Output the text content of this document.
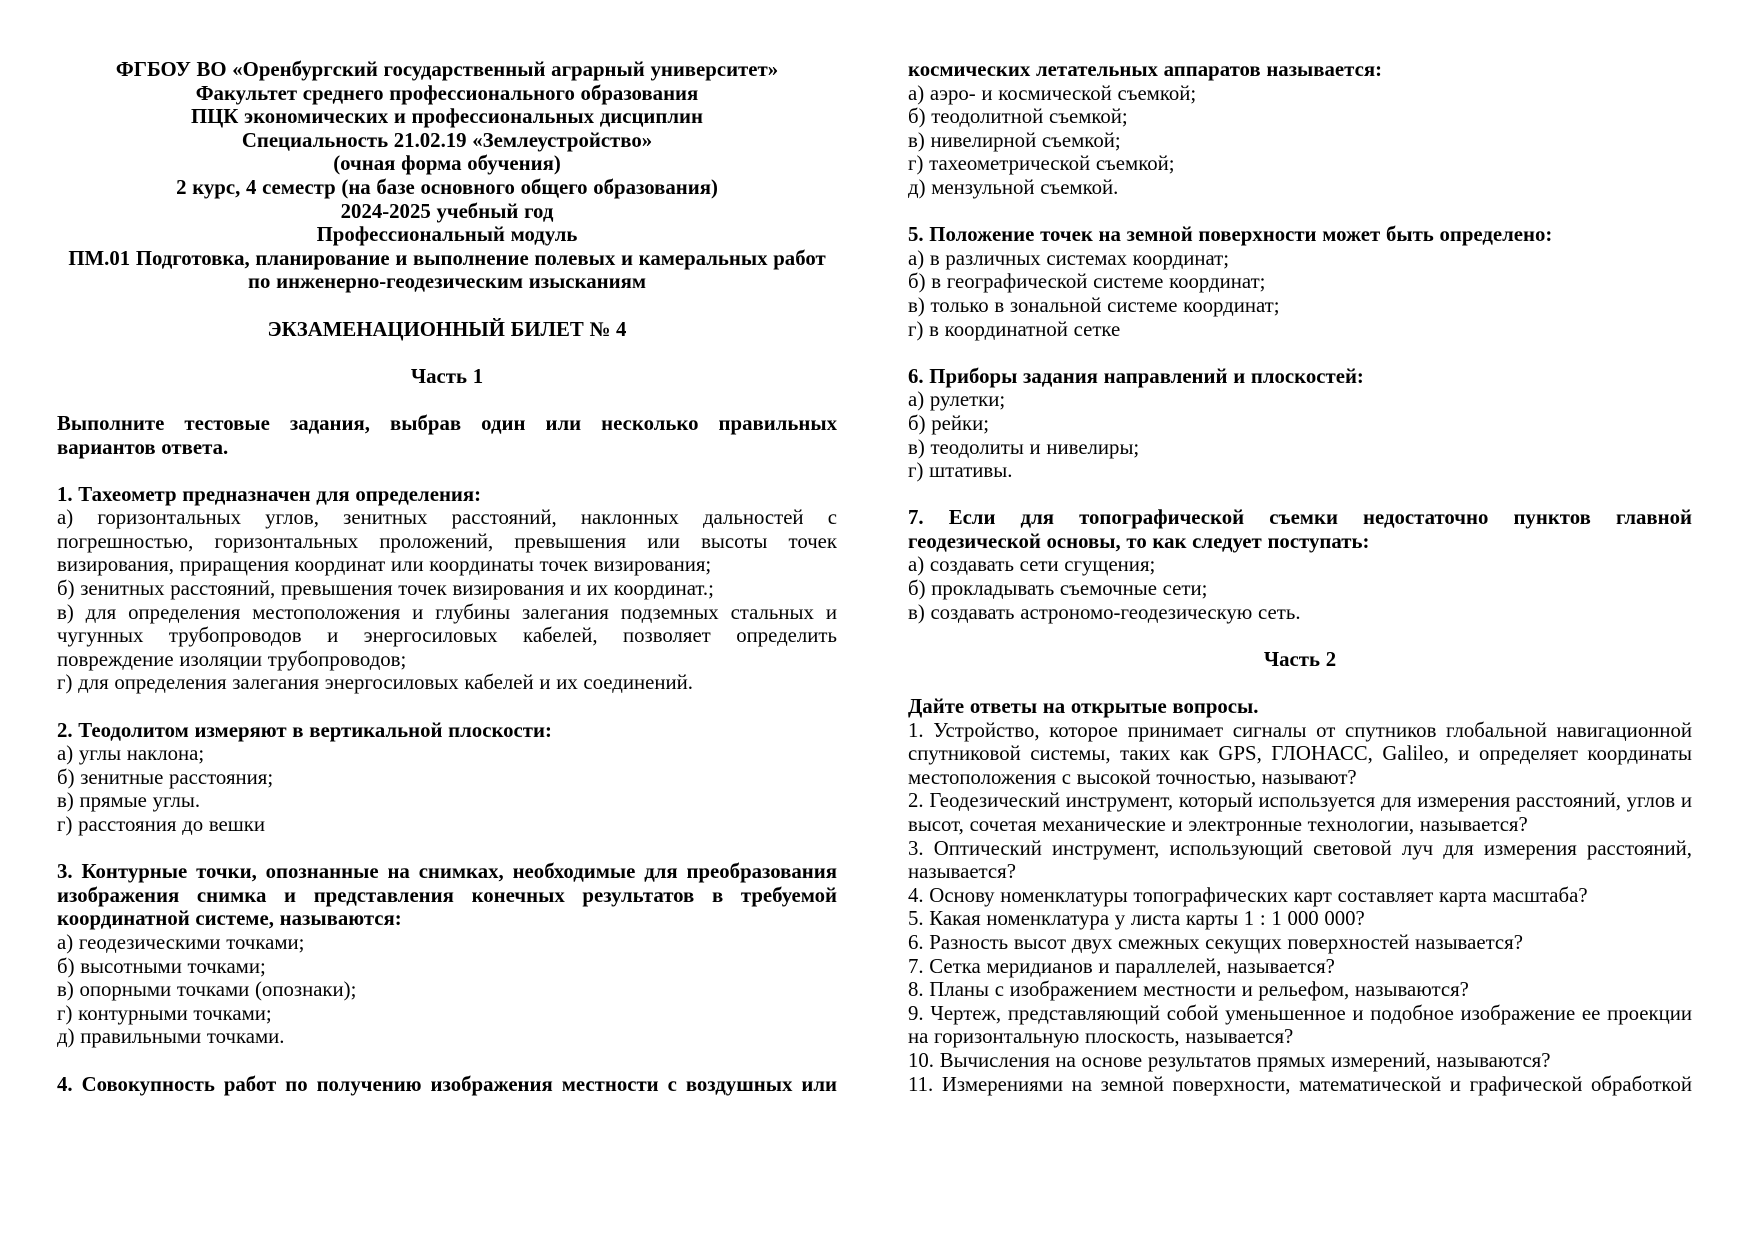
ФГБОУ ВО «Оренбургский государственный аграрный университет»

Факультет среднего профессионального образования

ПЦК экономических и профессиональных дисциплин

Специальность 21.02.19 «Землеустройство»

(очная форма обучения)

2 курс, 4 семестр (на базе основного общего образования)

2024-2025 учебный год

Профессиональный модуль

ПМ.01 Подготовка, планирование и выполнение полевых и камеральных работ по инженерно-геодезическим изысканиям

ЭКЗАМЕНАЦИОННЫЙ БИЛЕТ № 4

Часть 1

Выполните тестовые задания, выбрав один или несколько правильных вариантов ответа.

1. Тахеометр предназначен для определения:

а) горизонтальных углов, зенитных расстояний, наклонных дальностей с погрешностью, горизонтальных проложений, превышения или высоты точек визирования, приращения координат или координаты точек визирования;

б) зенитных расстояний, превышения точек визирования и их координат.;

в) для определения местоположения и глубины залегания подземных стальных и чугунных трубопроводов и энергосиловых кабелей, позволяет определить повреждение изоляции трубопроводов;

г) для определения залегания энергосиловых кабелей и их соединений.

2. Теодолитом измеряют в вертикальной плоскости:

а) углы наклона;

б) зенитные расстояния;

в) прямые углы.

г) расстояния до вешки

3. Контурные точки, опознанные на снимках, необходимые для преобразования изображения снимка и представления конечных результатов в требуемой координатной системе, называются:

а) геодезическими точками;

б) высотными точками;

в) опорными точками (опознаки);

г) контурными точками;

д) правильными точками.

4. Совокупность работ по получению изображения местности с воздушных или

космических летательных аппаратов называется:

а) аэро- и космической съемкой;

б) теодолитной съемкой;

в) нивелирной съемкой;

г) тахеометрической съемкой;

д) мензульной съемкой.

5. Положение точек на земной поверхности может быть определено:

а) в различных системах координат;

б) в географической системе координат;

в) только в зональной системе координат;

г) в координатной сетке

6. Приборы задания направлений и плоскостей:

а) рулетки;

б) рейки;

в) теодолиты и нивелиры;

г) штативы.

7. Если для топографической съемки недостаточно пунктов главной геодезической основы, то как следует поступать:

а) создавать сети сгущения;

б) прокладывать съемочные сети;

в) создавать астрономо-геодезическую сеть.

Часть 2

Дайте ответы на открытые вопросы.

1. Устройство, которое принимает сигналы от спутников глобальной навигационной спутниковой системы, таких как GPS, ГЛОНАСС, Galileo, и определяет координаты местоположения с высокой точностью, называют?

2. Геодезический инструмент, который используется для измерения расстояний, углов и высот, сочетая механические и электронные технологии, называется?

3. Оптический инструмент, использующий световой луч для измерения расстояний, называется?

4. Основу номенклатуры топографических карт составляет карта масштаба?

5. Какая номенклатура у листа карты 1 : 1 000 000?

6. Разность высот двух смежных секущих поверхностей называется?

7. Сетка меридианов и параллелей, называется?

8. Планы с изображением местности и рельефом, называются?

9. Чертеж, представляющий собой уменьшенное и подобное изображение ее проекции на горизонтальную плоскость, называется?

10. Вычисления на основе результатов прямых измерений, называются?

11. Измерениями на земной поверхности, математической и графической обработкой
